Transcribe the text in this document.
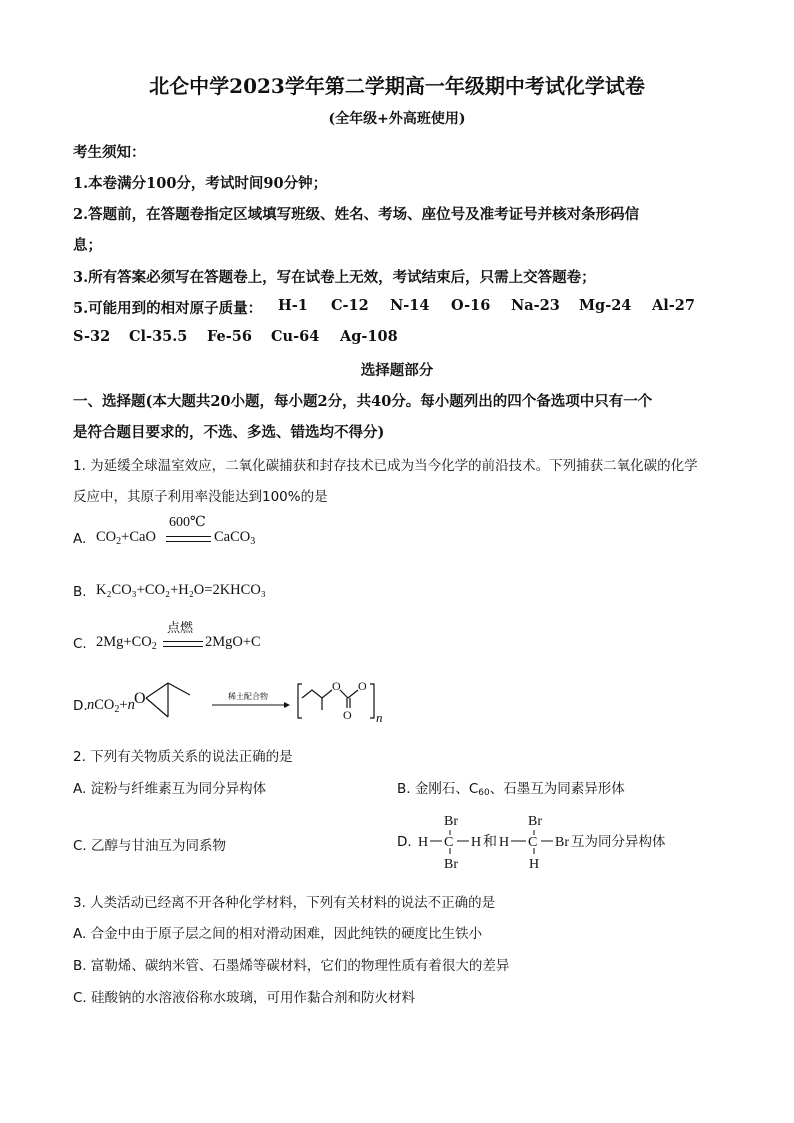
北仑中学2023学年第二学期高一年级期中考试化学试卷
(全年级+外高班使用)
考生须知：
1.本卷满分100分，考试时间90分钟；
2.答题前，在答题卷指定区域填写班级、姓名、考场、座位号及准考证号并核对条形码信
息；
3.所有答案必须写在答题卷上，写在试卷上无效，考试结束后，只需上交答题卷；
5.可能用到的相对原子质量： H-1 C-12 N-14 O-16 Na-23 Mg-24 Al-27
S-32 Cl-35.5 Fe-56 Cu-64 Ag-108
选择题部分
一、选择题(本大题共20小题，每小题2分，共40分。每小题列出的四个备选项中只有一个
是符合题目要求的，不选、多选、错选均不得分)
1. 为延缓全球温室效应，二氧化碳捕获和封存技术已成为当今化学的前沿技术。下列捕获二氧化碳的化学
反应中，其原子利用率没能达到100%的是
A. $CO_2+CaO$
600℃
CaCO$_3$
B. K₂CO₃+CO₂+H₂O=2KHCO₃
C. $2Mg+CO_2$
点燃
2MgO+C
D. nCO$_2$+n O	稀土配合物
O
O
O
n
2. 下列有关物质关系的说法正确的是
A. 淀粉与纤维素互为同分异构体	B. 金刚石、C60、石墨互为同素异形体
C. 乙醇与甘油互为同系物	D. H C
Br
Br
H 和 H C
Br
H
Br 互为同分异构体
3. 人类活动已经离不开各种化学材料，下列有关材料的说法不正确的是
A. 合金中由于原子层之间的相对滑动困难，因此纯铁的硬度比生铁小
B. 富勒烯、碳纳米管、石墨烯等碳材料，它们的物理性质有着很大的差异
C. 硅酸钠的水溶液俗称水玻璃，可用作黏合剂和防火材料
